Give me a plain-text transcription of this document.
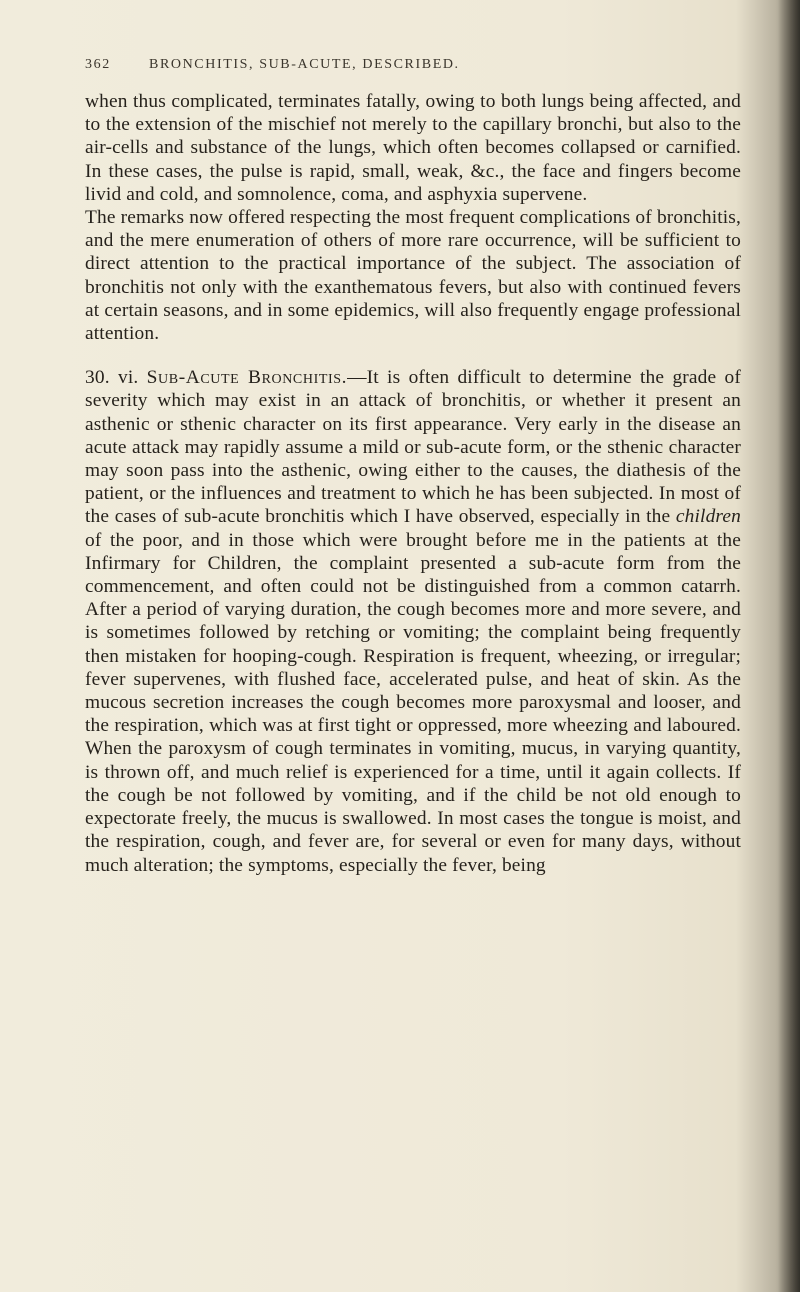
362	BRONCHITIS, SUB-ACUTE, DESCRIBED.

when thus complicated, terminates fatally, owing to both lungs being affected, and to the extension of the mischief not merely to the capillary bronchi, but also to the air-cells and substance of the lungs, which often becomes collapsed or carnified. In these cases, the pulse is rapid, small, weak, &c., the face and fingers become livid and cold, and somnolence, coma, and asphyxia supervene.

The remarks now offered respecting the most frequent complications of bronchitis, and the mere enumeration of others of more rare occurrence, will be sufficient to direct attention to the practical importance of the subject. The association of bronchitis not only with the exanthematous fevers, but also with continued fevers at certain seasons, and in some epidemics, will also frequently engage professional attention.

30. vi. Sub-Acute Bronchitis.—It is often difficult to determine the grade of severity which may exist in an attack of bronchitis, or whether it present an asthenic or sthenic character on its first appearance. Very early in the disease an acute attack may rapidly assume a mild or sub-acute form, or the sthenic character may soon pass into the asthenic, owing either to the causes, the diathesis of the patient, or the influences and treatment to which he has been subjected. In most of the cases of sub-acute bronchitis which I have observed, especially in the children of the poor, and in those which were brought before me in the patients at the Infirmary for Children, the complaint presented a sub-acute form from the commencement, and often could not be distinguished from a common catarrh. After a period of varying duration, the cough becomes more and more severe, and is sometimes followed by retching or vomiting; the complaint being frequently then mistaken for hooping-cough. Respiration is frequent, wheezing, or irregular; fever supervenes, with flushed face, accelerated pulse, and heat of skin. As the mucous secretion increases the cough becomes more paroxysmal and looser, and the respiration, which was at first tight or oppressed, more wheezing and laboured. When the paroxysm of cough terminates in vomiting, mucus, in varying quantity, is thrown off, and much relief is experienced for a time, until it again collects. If the cough be not followed by vomiting, and if the child be not old enough to expectorate freely, the mucus is swallowed. In most cases the tongue is moist, and the respiration, cough, and fever are, for several or even for many days, without much alteration; the symptoms, especially the fever, being
